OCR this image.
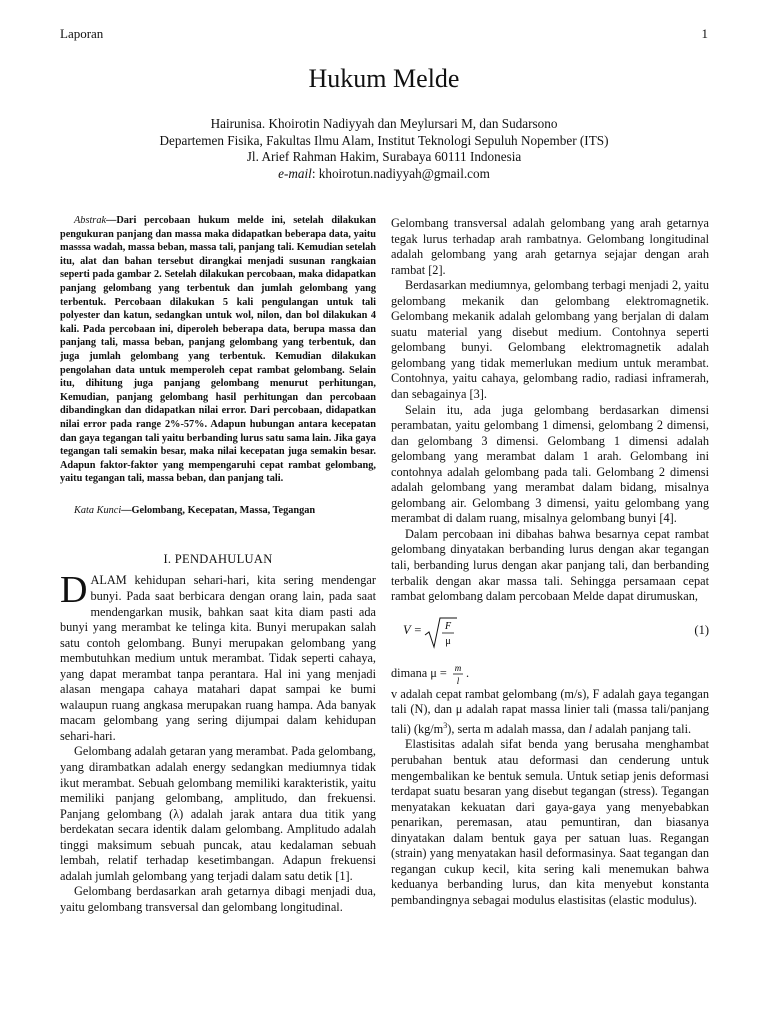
Laporan	1
Hukum Melde
Hairunisa. Khoirotin Nadiyyah dan Meylursari M, dan Sudarsono
Departemen Fisika, Fakultas Ilmu Alam, Institut Teknologi Sepuluh Nopember (ITS)
Jl. Arief Rahman Hakim, Surabaya 60111 Indonesia
e-mail: khoirotun.nadiyyah@gmail.com

Abstrak—Dari percobaan hukum melde ini, setelah dilakukan pengukuran panjang dan massa maka didapatkan beberapa data, yaitu masssa wadah, massa beban, massa tali, panjang tali. Kemudian setelah itu, alat dan bahan tersebut dirangkai menjadi susunan rangkaian seperti pada gambar 2. Setelah dilakukan percobaan, maka didapatkan panjang gelombang yang terbentuk dan jumlah gelombang yang terbentuk. Percobaan dilakukan 5 kali pengulangan untuk tali polyester dan katun, sedangkan untuk wol, nilon, dan bol dilakukan 4 kali. Pada percobaan ini, diperoleh beberapa data, berupa massa dan panjang tali, massa beban, panjang gelombang yang terbentuk, dan juga jumlah gelombang yang terbentuk. Kemudian dilakukan pengolahan data untuk memperoleh cepat rambat gelombang. Selain itu, dihitung juga panjang gelombang menurut perhitungan, Kemudian, panjang gelombang hasil perhitungan dan percobaan dibandingkan dan didapatkan nilai error. Dari percobaan, didapatkan nilai error pada range 2%-57%. Adapun hubungan antara kecepatan dan gaya tegangan tali yaitu berbanding lurus satu sama lain. Jika gaya tegangan tali semakin besar, maka nilai kecepatan juga semakin besar. Adapun faktor-faktor yang mempengaruhi cepat rambat gelombang, yaitu tegangan tali, massa beban, dan panjang tali.

Kata Kunci—Gelombang, Kecepatan, Massa, Tegangan

I. PENDAHULUAN

DALAM kehidupan sehari-hari, kita sering mendengar bunyi. Pada saat berbicara dengan orang lain, pada saat mendengarkan musik, bahkan saat kita diam pasti ada bunyi yang merambat ke telinga kita. Bunyi merupakan salah satu contoh gelombang. Bunyi merupakan gelombang yang membutuhkan medium untuk merambat. Tidak seperti cahaya, yang dapat merambat tanpa perantara. Hal ini yang menjadi alasan mengapa cahaya matahari dapat sampai ke bumi walaupun ruang angkasa merupakan ruang hampa. Ada banyak macam gelombang yang sering dijumpai dalam kehidupan sehari-hari.

Gelombang adalah getaran yang merambat. Pada gelombang, yang dirambatkan adalah energy sedangkan mediumnya tidak ikut merambat. Sebuah gelombang memiliki karakteristik, yaitu memiliki panjang gelombang, amplitudo, dan frekuensi. Panjang gelombang (λ) adalah jarak antara dua titik yang berdekatan secara identik dalam gelombang. Amplitudo adalah tinggi maksimum sebuah puncak, atau kedalaman sebuah lembah, relatif terhadap kesetimbangan. Adapun frekuensi adalah jumlah gelombang yang terjadi dalam satu detik [1].

Gelombang berdasarkan arah getarnya dibagi menjadi dua, yaitu gelombang transversal dan gelombang longitudinal.

Gelombang transversal adalah gelombang yang arah getarnya tegak lurus terhadap arah rambatnya. Gelombang longitudinal adalah gelombang yang arah getarnya sejajar dengan arah rambat [2].

Berdasarkan mediumnya, gelombang terbagi menjadi 2, yaitu gelombang mekanik dan gelombang elektromagnetik. Gelombang mekanik adalah gelombang yang berjalan di dalam suatu material yang disebut medium. Contohnya seperti gelombang bunyi. Gelombang elektromagnetik adalah gelombang yang tidak memerlukan medium untuk merambat. Contohnya, yaitu cahaya, gelombang radio, radiasi inframerah, dan sebagainya [3].

Selain itu, ada juga gelombang berdasarkan dimensi perambatan, yaitu gelombang 1 dimensi, gelombang 2 dimensi, dan gelombang 3 dimensi. Gelombang 1 dimensi adalah gelombang yang merambat dalam 1 arah. Gelombang ini contohnya adalah gelombang pada tali. Gelombang 2 dimensi adalah gelombang yang merambat dalam bidang, misalnya gelombang air. Gelombang 3 dimensi, yaitu gelombang yang merambat di dalam ruang, misalnya gelombang bunyi [4].

Dalam percobaan ini dibahas bahwa besarnya cepat rambat gelombang dinyatakan berbanding lurus dengan akar tegangan tali, berbanding lurus dengan akar panjang tali, dan berbanding terbalik dengan akar massa tali. Sehingga persamaan cepat rambat gelombang dalam percobaan Melde dapat dirumuskan,

V = F
μ
(1)

dimana μ = m
l
.

v adalah cepat rambat gelombang (m/s), F adalah gaya tegangan tali (N), dan μ adalah rapat massa linier tali (massa tali/panjang tali) $(kg/m^3)$, serta m adalah massa, dan l adalah panjang tali.

Elastisitas adalah sifat benda yang berusaha menghambat perubahan bentuk atau deformasi dan cenderung untuk mengembalikan ke bentuk semula. Untuk setiap jenis deformasi terdapat suatu besaran yang disebut tegangan (stress). Tegangan menyatakan kekuatan dari gaya-gaya yang menyebabkan penarikan, peremasan, atau pemuntiran, dan biasanya dinyatakan dalam bentuk gaya per satuan luas. Regangan (strain) yang menyatakan hasil deformasinya. Saat tegangan dan regangan cukup kecil, kita sering kali menemukan bahwa keduanya berbanding lurus, dan kita menyebut konstanta pembandingnya sebagai modulus elastisitas (elastic modulus).
